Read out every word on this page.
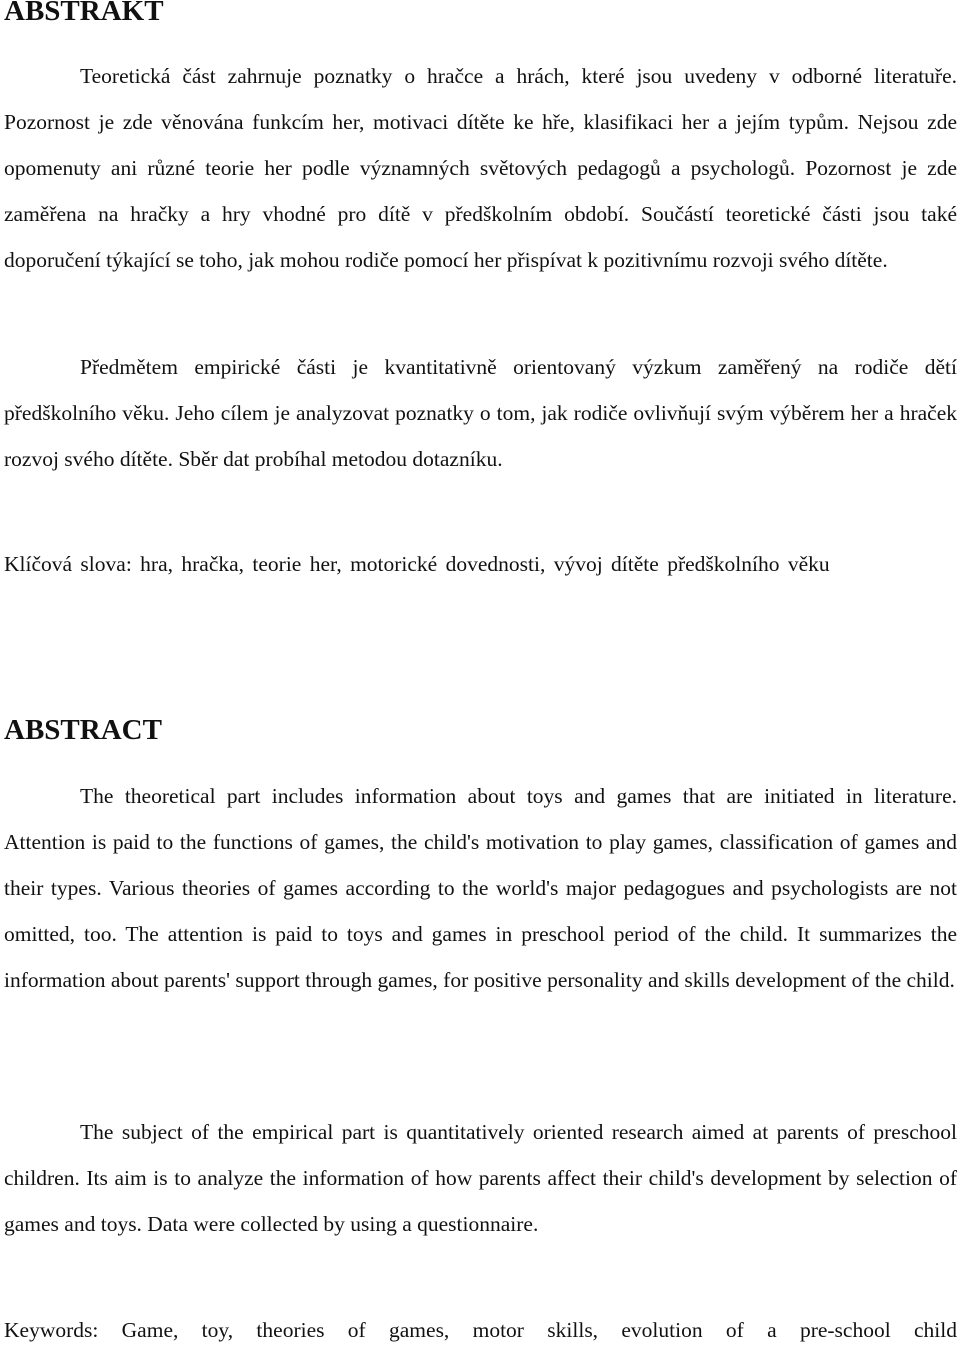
ABSTRAKT

Teoretická část zahrnuje poznatky o hračce a hrách, které jsou uvedeny v odborné literatuře. Pozornost je zde věnována funkcím her, motivaci dítěte ke hře, klasifikaci her a jejím typům. Nejsou zde opomenuty ani různé teorie her podle významných světových pedagogů a psychologů. Pozornost je zde zaměřena na hračky a hry vhodné pro dítě v předškolním období. Součástí teoretické části jsou také doporučení týkající se toho, jak mohou rodiče pomocí her přispívat k pozitivnímu rozvoji svého dítěte.

Předmětem empirické části je kvantitativně orientovaný výzkum zaměřený na rodiče dětí předškolního věku. Jeho cílem je analyzovat poznatky o tom, jak rodiče ovlivňují svým výběrem her a hraček rozvoj svého dítěte. Sběr dat probíhal metodou dotazníku.

Klíčová slova: hra, hračka, teorie her, motorické dovednosti, vývoj dítěte předškolního věku

ABSTRACT

The theoretical part includes information about toys and games that are initiated in literature. Attention is paid to the functions of games, the child's motivation to play games, classification of games and their types. Various theories of games according to the world's major pedagogues and psychologists are not omitted, too. The attention is paid to toys and games in preschool period of the child. It summarizes the information about parents' support through games, for positive personality and skills development of the child.

The subject of the empirical part is quantitatively oriented research aimed at parents of preschool children. Its aim is to analyze the information of how parents affect their child's development by selection of games and toys. Data were collected by using a questionnaire.

Keywords: Game, toy, theories of games, motor skills, evolution of a pre-school child
